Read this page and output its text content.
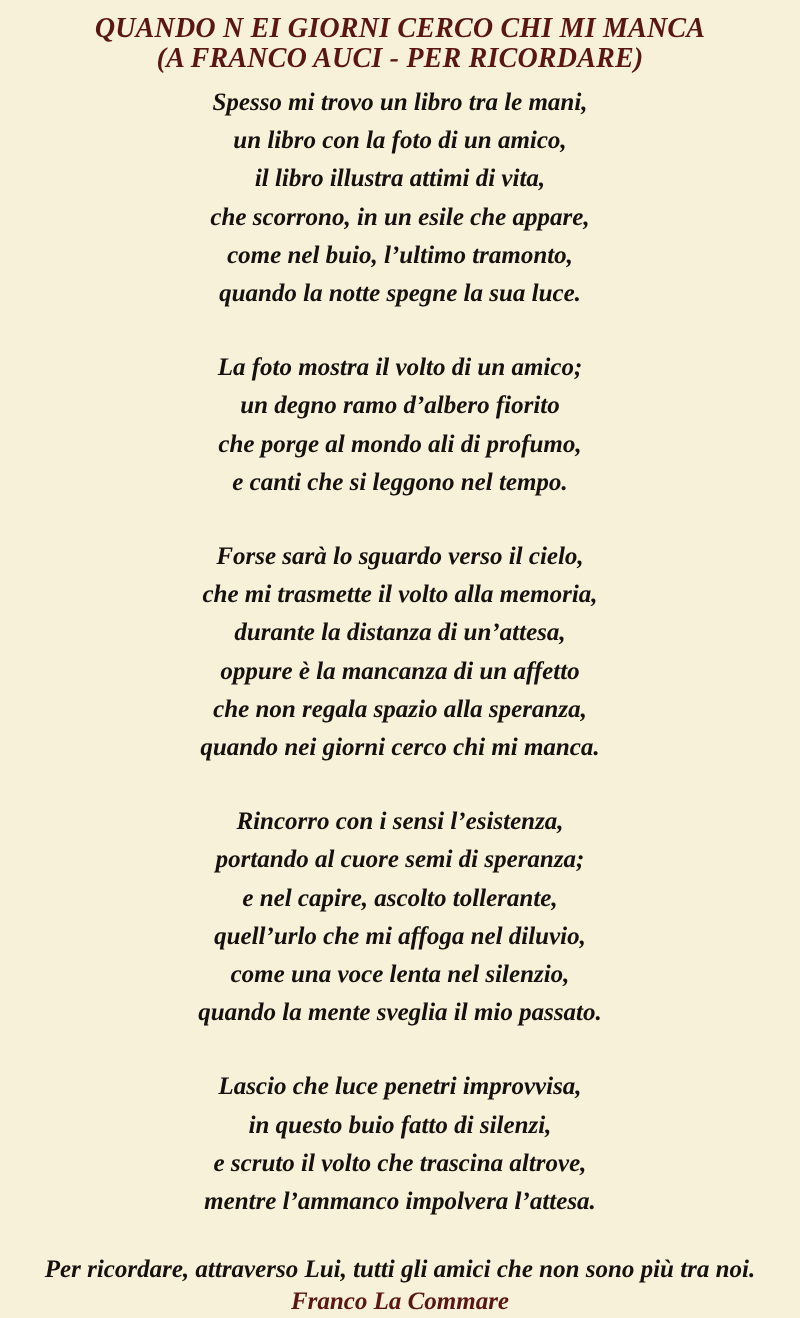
QUANDO N EI GIORNI CERCO CHI MI MANCA
(A FRANCO AUCI - PER RICORDARE)

Spesso mi trovo un libro tra le mani,

un libro con la foto di un amico,

il libro illustra attimi di vita,

che scorrono, in un esile che appare,

come nel buio, l’ultimo tramonto,

quando la notte spegne la sua luce.

La foto mostra il volto di un amico;

un degno ramo d’albero fiorito

che porge al mondo ali di profumo,

e canti che si leggono nel tempo.

Forse sarà lo sguardo verso il cielo,

che mi trasmette il volto alla memoria,

durante la distanza di un’attesa,

oppure è la mancanza di un affetto

che non regala spazio alla speranza,

quando nei giorni cerco chi mi manca.

Rincorro con i sensi l’esistenza,

portando al cuore semi di speranza;

e nel capire, ascolto tollerante,

quell’urlo che mi affoga nel diluvio,

come una voce lenta nel silenzio,

quando la mente sveglia il mio passato.

Lascio che luce penetri improvvisa,

in questo buio fatto di silenzi,

e scruto il volto che trascina altrove,

mentre l’ammanco impolvera l’attesa.

Per ricordare, attraverso Lui, tutti gli amici che non sono più tra noi.

Franco La Commare
